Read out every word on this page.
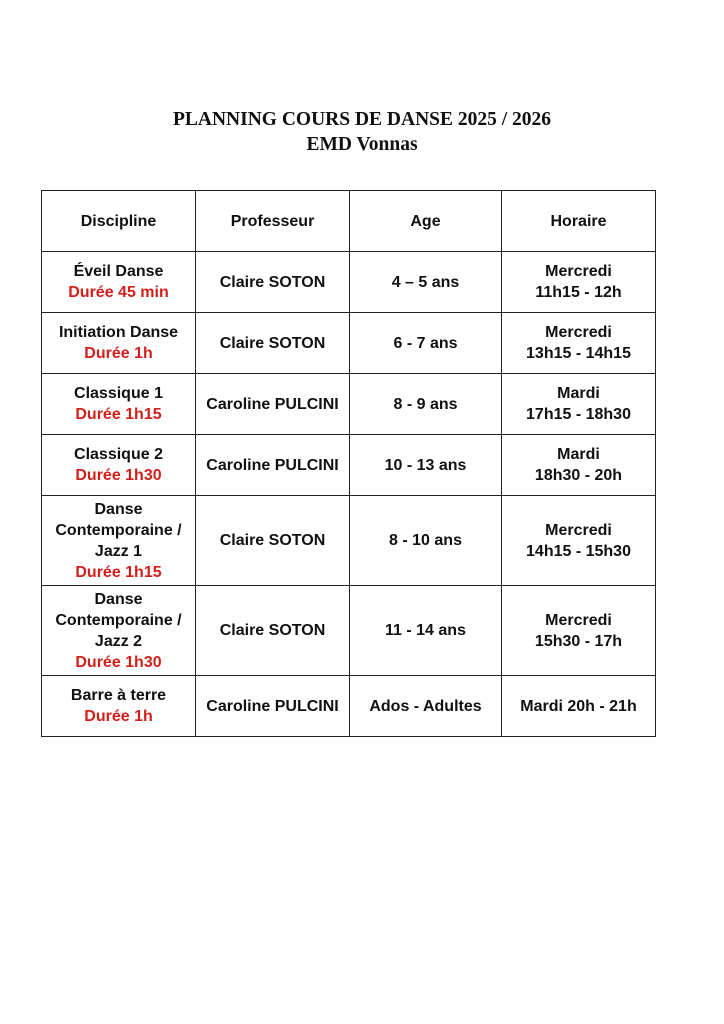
PLANNING COURS DE DANSE 2025 / 2026
EMD Vonnas
Discipline	Professeur	Age	Horaire

Éveil Danse
Durée 45 min	Claire SOTON	4 – 5 ans	Mercredi
11h15 - 12h

Initiation Danse
Durée 1h	Claire SOTON	6 - 7 ans	Mercredi
13h15 - 14h15

Classique 1
Durée 1h15	Caroline PULCINI	8 - 9 ans	Mardi
17h15 - 18h30

Classique 2
Durée 1h30	Caroline PULCINI	10 - 13 ans	Mardi
18h30 - 20h

Danse
Contemporaine /
Jazz 1
Durée 1h15	Claire SOTON	8 - 10 ans	Mercredi
14h15 - 15h30

Danse
Contemporaine /
Jazz 2
Durée 1h30	Claire SOTON	11 - 14 ans	Mercredi
15h30 - 17h

Barre à terre
Durée 1h	Caroline PULCINI	Ados - Adultes	Mardi 20h - 21h
